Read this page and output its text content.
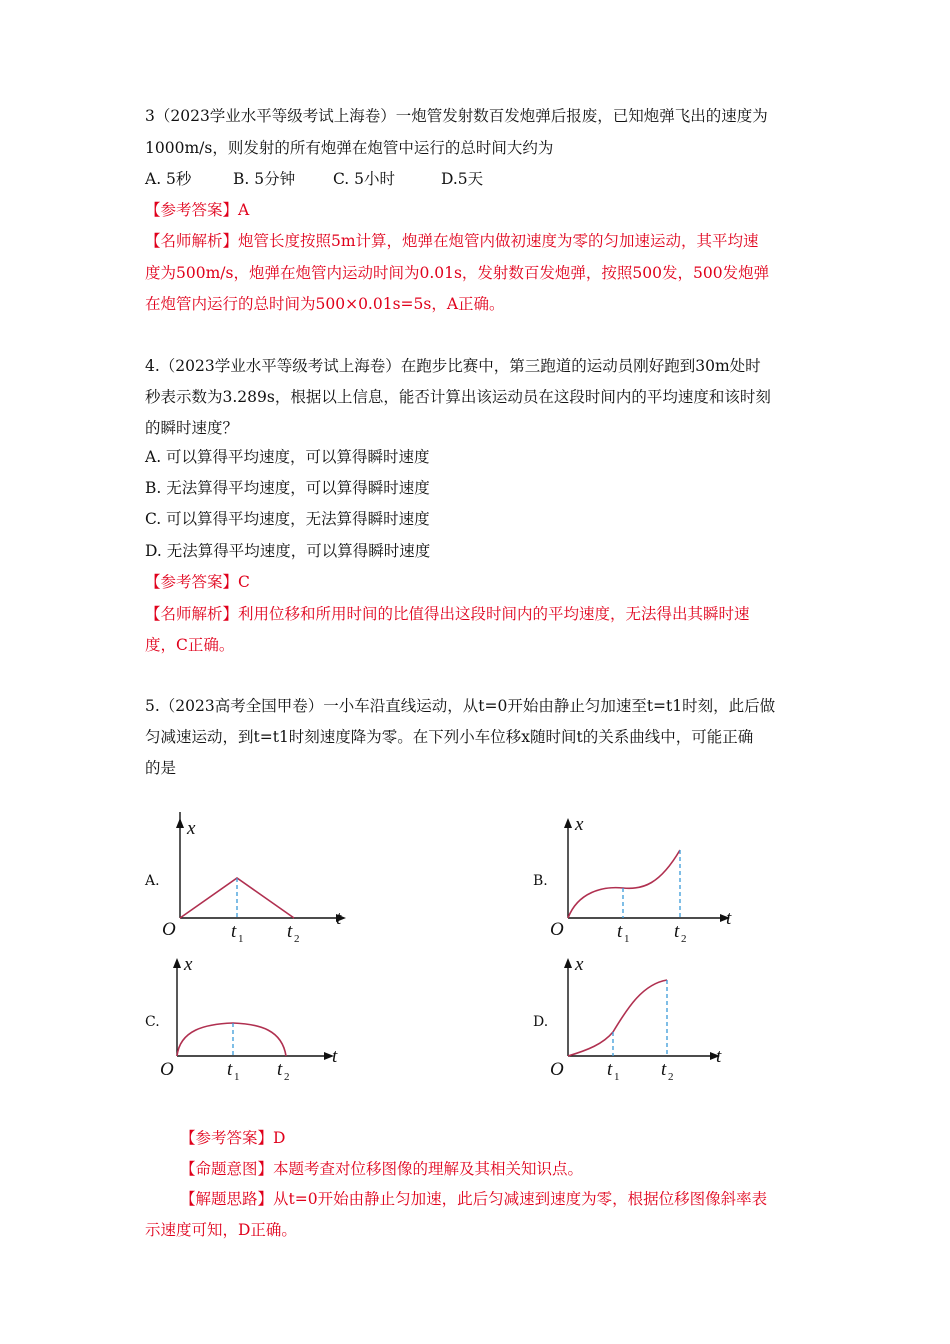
3（2023学业水平等级考试上海卷）一炮管发射数百发炮弹后报废，已知炮弹飞出的速度为
1000m/s，则发射的所有炮弹在炮管中运行的总时间大约为
A. 5秒	B. 5分钟 C. 5小时	D.5天
【参考答案】A
【名师解析】炮管长度按照5m计算，炮弹在炮管内做初速度为零的匀加速运动，其平均速
度为500m/s，炮弹在炮管内运动时间为0.01s，发射数百发炮弹，按照500发，500发炮弹
在炮管内运行的总时间为500×0.01s=5s，A正确。
4.（2023学业水平等级考试上海卷）在跑步比赛中，第三跑道的运动员刚好跑到30m处时
秒表示数为3.289s，根据以上信息，能否计算出该运动员在这段时间内的平均速度和该时刻
的瞬时速度？
A. 可以算得平均速度，可以算得瞬时速度
B. 无法算得平均速度，可以算得瞬时速度
C. 可以算得平均速度，无法算得瞬时速度
D. 无法算得平均速度，可以算得瞬时速度
【参考答案】C
【名师解析】利用位移和所用时间的比值得出这段时间内的平均速度，无法得出其瞬时速
度，C正确。
5.（2023高考全国甲卷）一小车沿直线运动，从t=0开始由静止匀加速至t=t1时刻，此后做
匀减速运动，到t=t1时刻速度降为零。在下列小车位移x随时间t的关系曲线中，可能正确
的是
A.	B.
C.	D.
x
t
O	t 1 t 2
x
t
O	t 1 t 2
x
t
O	t 1 t 2
x
t
O t 1 t 2
【参考答案】D
【命题意图】本题考查对位移图像的理解及其相关知识点。
【解题思路】从t=0开始由静止匀加速，此后匀减速到速度为零，根据位移图像斜率表
示速度可知，D正确。
